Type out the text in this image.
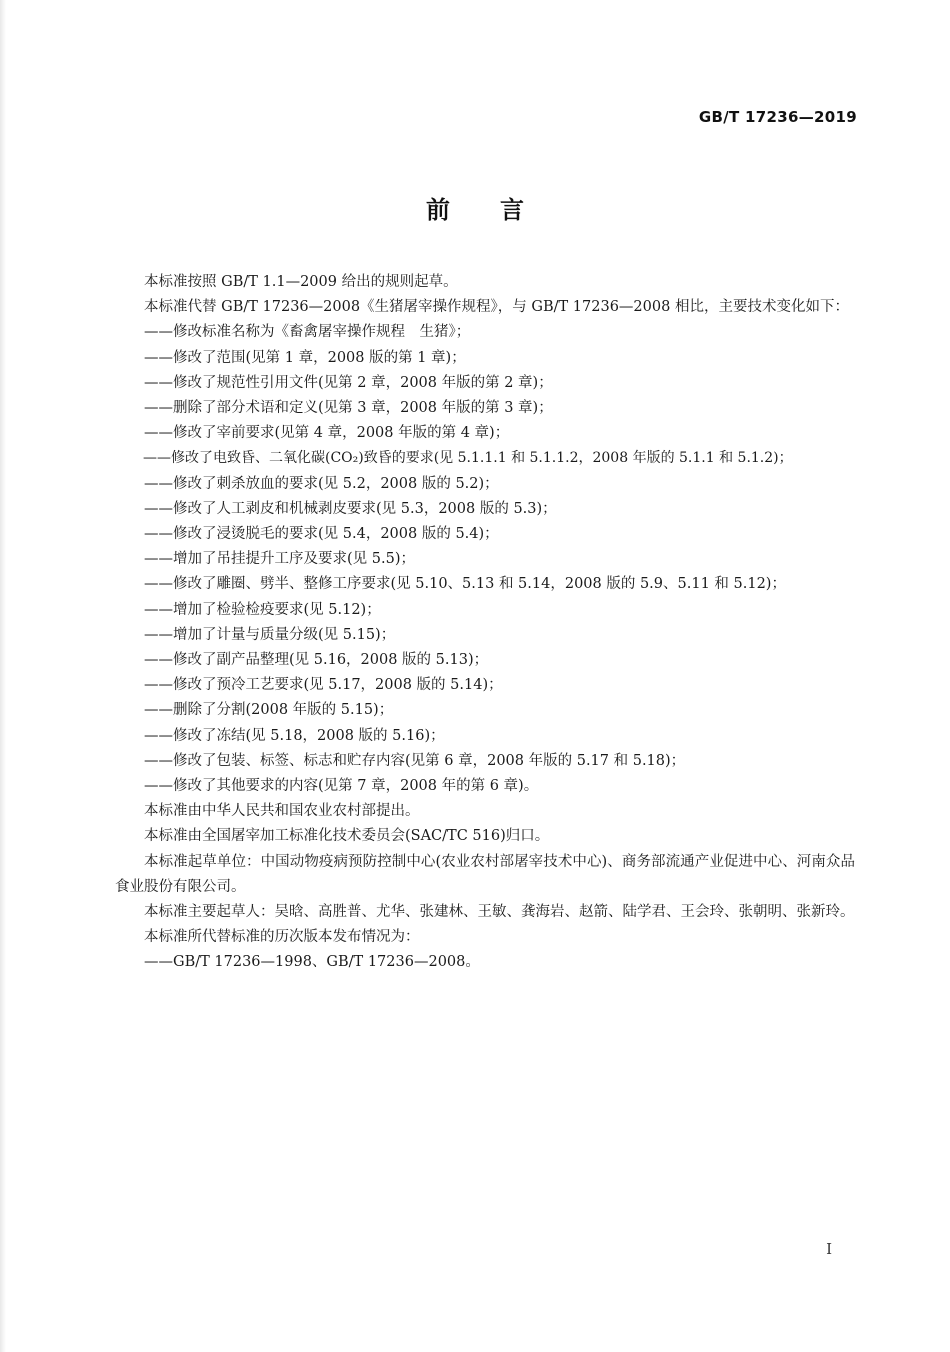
GB/T 17236—2019
前言

本标准按照 GB/T 1.1—2009 给出的规则起草。

本标准代替 GB/T 17236—2008《生猪屠宰操作规程》，与 GB/T 17236—2008 相比，主要技术变化如下：

——修改标准名称为《畜禽屠宰操作规程　生猪》；

——修改了范围(见第 1 章，2008 版的第 1 章)；

——修改了规范性引用文件(见第 2 章，2008 年版的第 2 章)；

——删除了部分术语和定义(见第 3 章，2008 年版的第 3 章)；

——修改了宰前要求(见第 4 章，2008 年版的第 4 章)；

——修改了电致昏、二氧化碳(CO₂)致昏的要求(见 5.1.1.1 和 5.1.1.2，2008 年版的 5.1.1 和 5.1.2)；

——修改了刺杀放血的要求(见 5.2，2008 版的 5.2)；

——修改了人工剥皮和机械剥皮要求(见 5.3，2008 版的 5.3)；

——修改了浸烫脱毛的要求(见 5.4，2008 版的 5.4)；

——增加了吊挂提升工序及要求(见 5.5)；

——修改了雕圈、劈半、整修工序要求(见 5.10、5.13 和 5.14，2008 版的 5.9、5.11 和 5.12)；

——增加了检验检疫要求(见 5.12)；

——增加了计量与质量分级(见 5.15)；

——修改了副产品整理(见 5.16，2008 版的 5.13)；

——修改了预冷工艺要求(见 5.17，2008 版的 5.14)；

——删除了分割(2008 年版的 5.15)；

——修改了冻结(见 5.18，2008 版的 5.16)；

——修改了包装、标签、标志和贮存内容(见第 6 章，2008 年版的 5.17 和 5.18)；

——修改了其他要求的内容(见第 7 章，2008 年的第 6 章)。

本标准由中华人民共和国农业农村部提出。

本标准由全国屠宰加工标准化技术委员会(SAC/TC 516)归口。

本标准起草单位：中国动物疫病预防控制中心(农业农村部屠宰技术中心)、商务部流通产业促进中心、河南众品食业股份有限公司。

本标准主要起草人：吴晗、高胜普、尤华、张建林、王敏、龚海岩、赵箭、陆学君、王会玲、张朝明、张新玲。

本标准所代替标准的历次版本发布情况为：

——GB/T 17236—1998、GB/T 17236—2008。

I
